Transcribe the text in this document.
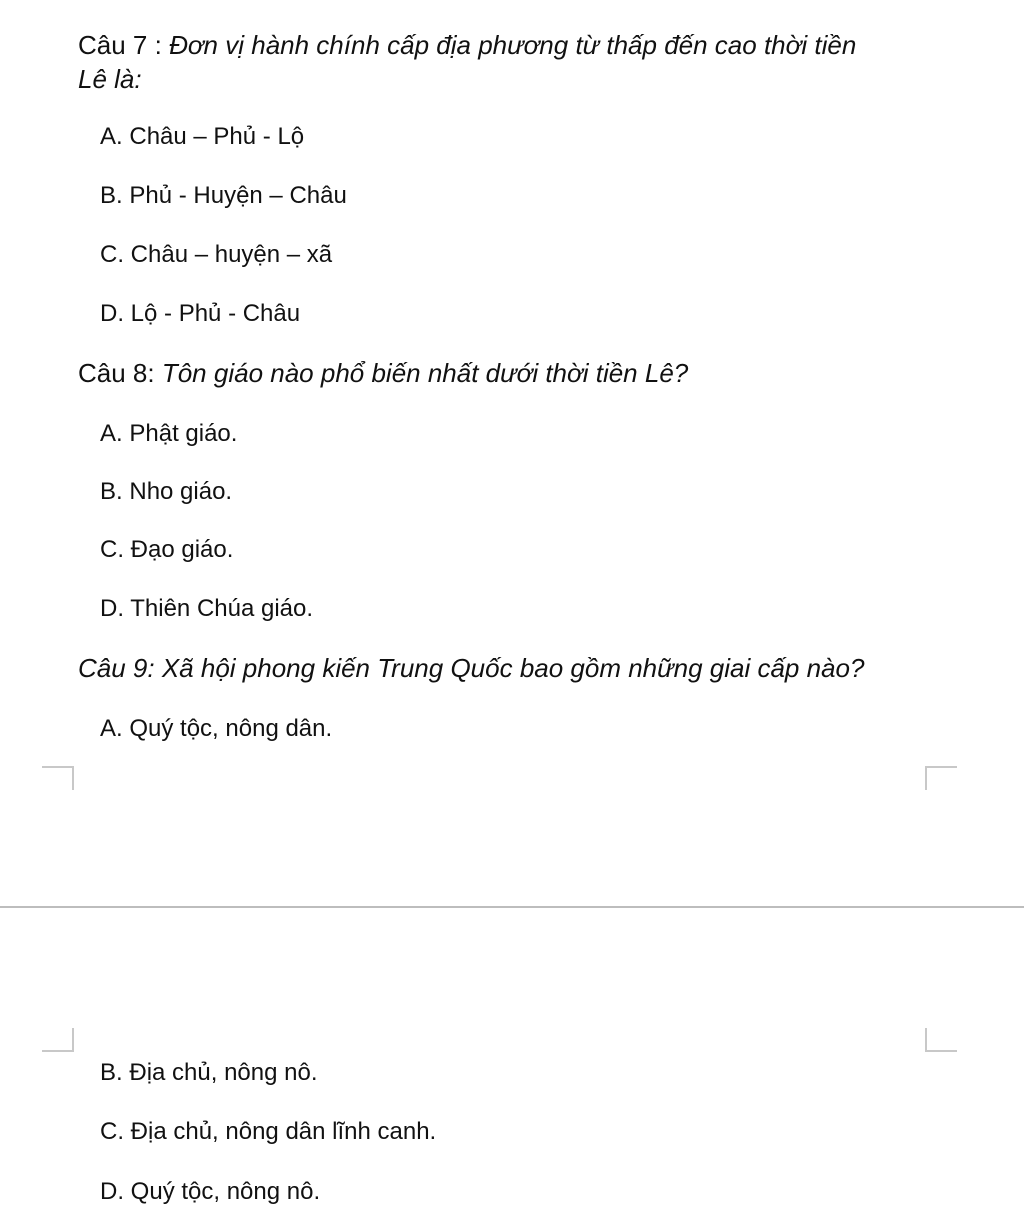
Câu 7 : Đơn vị hành chính cấp địa phương từ thấp đến cao thời tiền
Lê là:
A. Châu – Phủ - Lộ
B. Phủ - Huyện – Châu
C. Châu – huyện – xã
D. Lộ - Phủ - Châu
Câu 8: Tôn giáo nào phổ biến nhất dưới thời tiền Lê?
A. Phật giáo.
B. Nho giáo.
C. Đạo giáo.
D. Thiên Chúa giáo.
Câu 9: Xã hội phong kiến Trung Quốc bao gồm những giai cấp nào?
A. Quý tộc, nông dân.
B. Địa chủ, nông nô.
C. Địa chủ, nông dân lĩnh canh.
D. Quý tộc, nông nô.
